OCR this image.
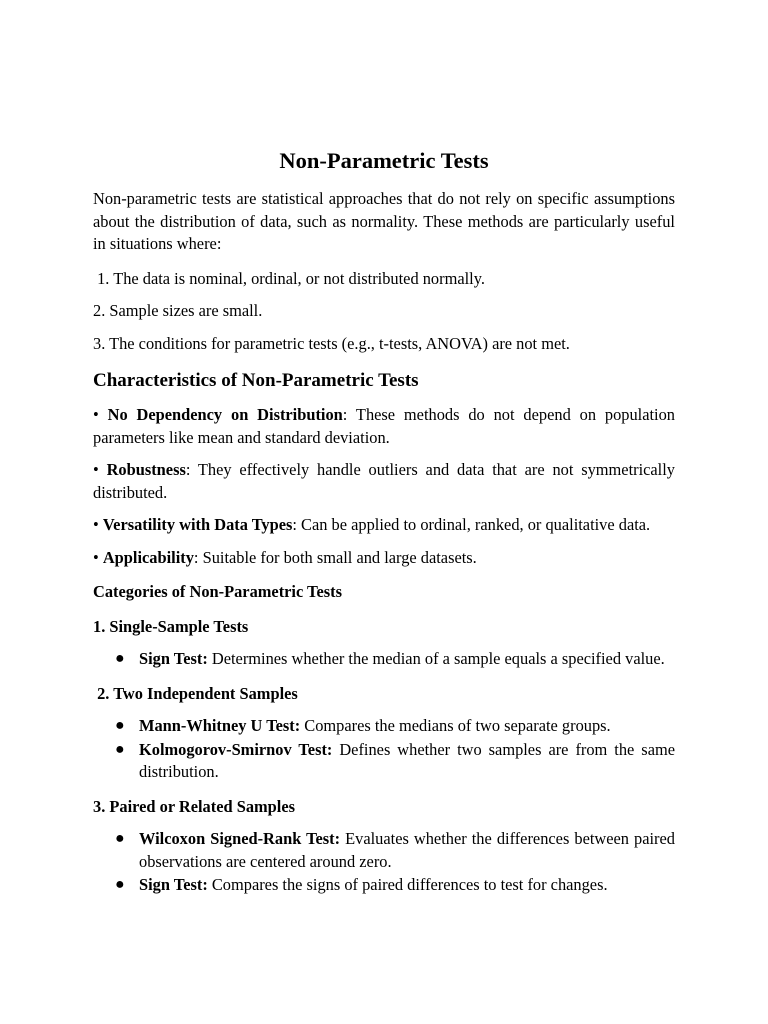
Non-Parametric Tests

Non-parametric tests are statistical approaches that do not rely on specific assumptions about the distribution of data, such as normality. These methods are particularly useful in situations where:

1. The data is nominal, ordinal, or not distributed normally.

2. Sample sizes are small.

3. The conditions for parametric tests (e.g., t-tests, ANOVA) are not met.

Characteristics of Non-Parametric Tests

• No Dependency on Distribution: These methods do not depend on population parameters like mean and standard deviation.

• Robustness: They effectively handle outliers and data that are not symmetrically distributed.

• Versatility with Data Types: Can be applied to ordinal, ranked, or qualitative data.

• Applicability: Suitable for both small and large datasets.

Categories of Non-Parametric Tests

1. Single-Sample Tests

● Sign Test: Determines whether the median of a sample equals a specified value.

2. Two Independent Samples

● Mann-Whitney U Test: Compares the medians of two separate groups.
● Kolmogorov-Smirnov Test: Defines whether two samples are from the same distribution.

3. Paired or Related Samples

● Wilcoxon Signed-Rank Test: Evaluates whether the differences between paired observations are centered around zero.
● Sign Test: Compares the signs of paired differences to test for changes.
